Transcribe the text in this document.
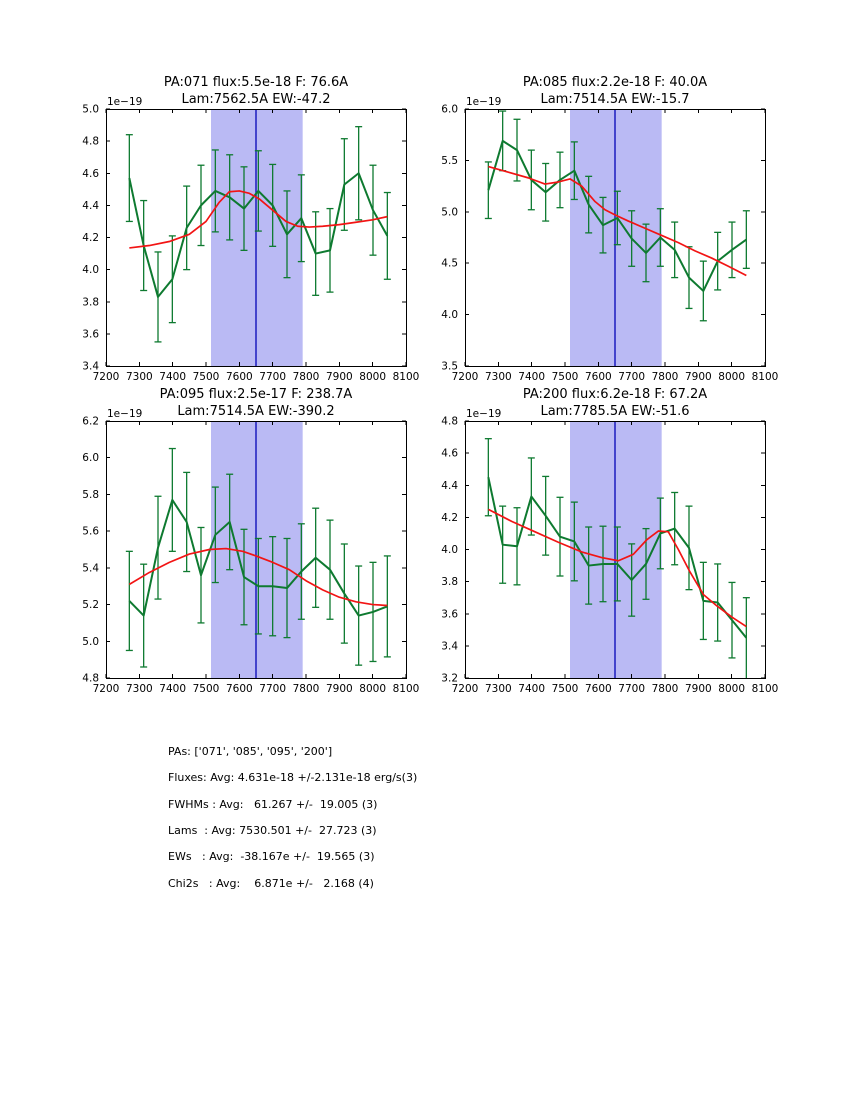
7200 7300 7400 7500 7600 7700 7800 7900 8000 8100
3.4
3.6
3.8
4.0
4.2
4.4
4.6
4.8
5.0
PA:071 flux:5.5e-18 F: 76.6A
Lam:7562.5A EW:-47.2
1e−19
7200 7300 7400 7500 7600 7700 7800 7900 8000 8100
3.5
4.0
4.5
5.0
5.5
6.0
PA:085 flux:2.2e-18 F: 40.0A
Lam:7514.5A EW:-15.7
1e−19
7200 7300 7400 7500 7600 7700 7800 7900 8000 8100
4.8
5.0
5.2
5.4
5.6
5.8
6.0
6.2
PA:095 flux:2.5e-17 F: 238.7A
Lam:7514.5A EW:-390.2
1e−19
7200 7300 7400 7500 7600 7700 7800 7900 8000 8100
3.2
3.4
3.6
3.8
4.0
4.2
4.4
4.6
4.8
PA:200 flux:6.2e-18 F: 67.2A
Lam:7785.5A EW:-51.6
1e−19
PAs: ['071', '085', '095', '200']
Fluxes: Avg: 4.631e-18 +/-2.131e-18 erg/s(3)
FWHMs : Avg:   61.267 +/-  19.005 (3)
Lams  : Avg: 7530.501 +/-  27.723 (3)
EWs   : Avg:  -38.167e +/-  19.565 (3)
Chi2s   : Avg:    6.871e +/-   2.168 (4)
